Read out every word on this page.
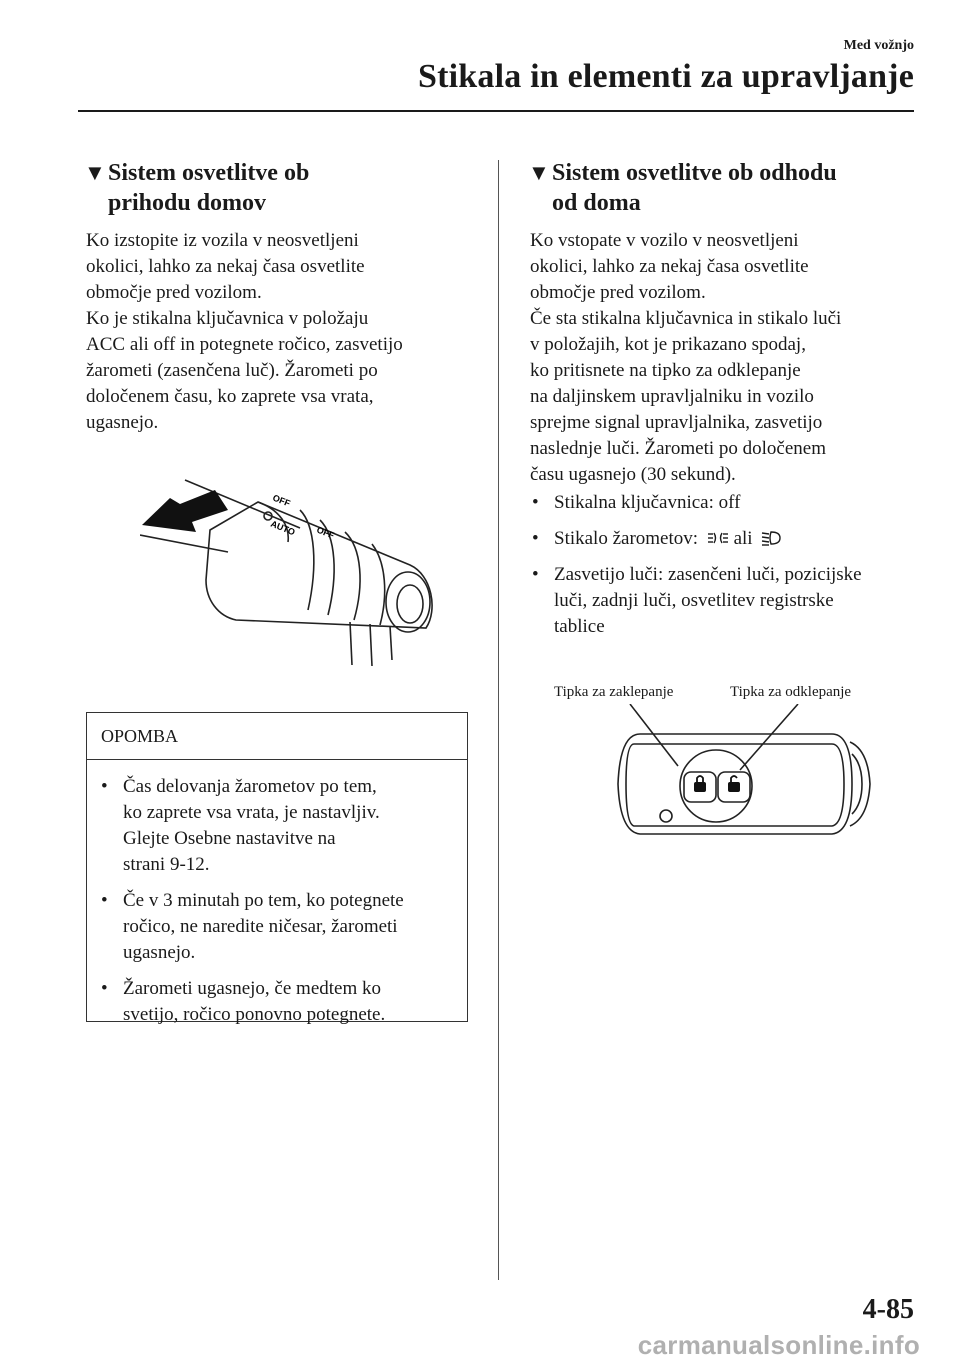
Med vožnjo
Stikala in elementi za upravljanje
▼Sistem osvetlitve ob
prihodu domov

Ko izstopite iz vozila v neosvetljeni

okolici, lahko za nekaj časa osvetlite

območje pred vozilom.

Ko je stikalna ključavnica v položaju

ACC ali off in potegnete ročico, zasvetijo

žarometi (zasenčena luč). Žarometi po

določenem času, ko zaprete vsa vrata,

ugasnejo.

OFF
AUTO OFF
OPOMBA
• Čas delovanja žarometov po tem,
ko zaprete vsa vrata, je nastavljiv.
Glejte Osebne nastavitve na
strani 9-12.
• Če v 3 minutah po tem, ko potegnete
ročico, ne naredite ničesar, žarometi
ugasnejo.
• Žarometi ugasnejo, če medtem ko
svetijo, ročico ponovno potegnete.
▼Sistem osvetlitve ob odhodu
od doma

Ko vstopate v vozilo v neosvetljeni

okolici, lahko za nekaj časa osvetlite

območje pred vozilom.

Če sta stikalna ključavnica in stikalo luči

v položajih, kot je prikazano spodaj,

ko pritisnete na tipko za odklepanje

na daljinskem upravljalniku in vozilo

sprejme signal upravljalnika, zasvetijo

naslednje luči. Žarometi po določenem

času ugasnejo (30 sekund).

• Stikalna ključavnica: off
• Stikalo žarometov: ali
• Zasvetijo luči: zasenčeni luči, pozicijske
luči, zadnji luči, osvetlitev registrske
tablice
Tipka za zaklepanje	Tipka za odklepanje
4-85
carmanualsonline.info
